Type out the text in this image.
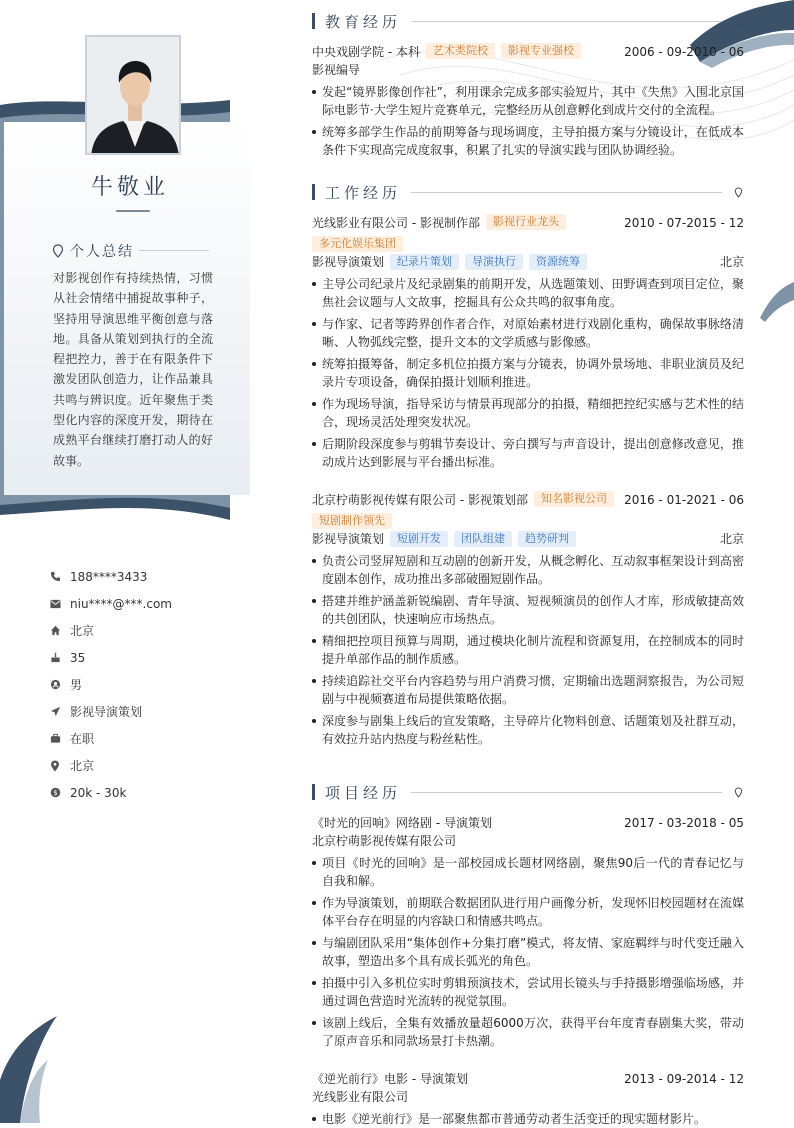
牛敬业
个人总结
对影视创作有持续热情，习惯从社会情绪中捕捉故事种子，坚持用导演思维平衡创意与落地。具备从策划到执行的全流程把控力，善于在有限条件下激发团队创造力，让作品兼具共鸣与辨识度。近年聚焦于类型化内容的深度开发，期待在成熟平台继续打磨打动人的好故事。
188****3433
niu****@***.com
北京
35
男
影视导演策划
在职
北京
$ 20k - 30k
教育经历
中央戏剧学院 - 本科	艺术类院校	影视专业强校	2006 - 09-2010 - 06
影视编导
发起“镜界影像创作社”，利用课余完成多部实验短片，其中《失焦》入围北京国际电影节·大学生短片竞赛单元，完整经历从创意孵化到成片交付的全流程。
统筹多部学生作品的前期筹备与现场调度，主导拍摄方案与分镜设计，在低成本条件下实现高完成度叙事，积累了扎实的导演实践与团队协调经验。
工作经历
光线影业有限公司 - 影视制作部	影视行业龙头	2010 - 07-2015 - 12
多元化娱乐集团
影视导演策划	纪录片策划	导演执行	资源统筹	北京
主导公司纪录片及纪录剧集的前期开发，从选题策划、田野调查到项目定位，聚焦社会议题与人文故事，挖掘具有公众共鸣的叙事角度。
与作家、记者等跨界创作者合作，对原始素材进行戏剧化重构，确保故事脉络清晰、人物弧线完整，提升文本的文学质感与影像感。
统筹拍摄筹备，制定多机位拍摄方案与分镜表，协调外景场地、非职业演员及纪录片专项设备，确保拍摄计划顺利推进。
作为现场导演，指导采访与情景再现部分的拍摄，精细把控纪实感与艺术性的结合，现场灵活处理突发状况。
后期阶段深度参与剪辑节奏设计、旁白撰写与声音设计，提出创意修改意见，推动成片达到影展与平台播出标准。
北京柠萌影视传媒有限公司 - 影视策划部	知名影视公司	2016 - 01-2021 - 06
短剧制作领先
影视导演策划	短剧开发	团队组建	趋势研判	北京
负责公司竖屏短剧和互动剧的创新开发，从概念孵化、互动叙事框架设计到高密度剧本创作，成功推出多部破圈短剧作品。
搭建并维护涵盖新锐编剧、青年导演、短视频演员的创作人才库，形成敏捷高效的共创团队，快速响应市场热点。
精细把控项目预算与周期，通过模块化制片流程和资源复用，在控制成本的同时提升单部作品的制作质感。
持续追踪社交平台内容趋势与用户消费习惯，定期输出选题洞察报告，为公司短剧与中视频赛道布局提供策略依据。
深度参与剧集上线后的宣发策略，主导碎片化物料创意、话题策划及社群互动，有效拉升站内热度与粉丝粘性。
项目经历
《时光的回响》网络剧 - 导演策划	2017 - 03-2018 - 05
北京柠萌影视传媒有限公司
项目《时光的回响》是一部校园成长题材网络剧，聚焦90后一代的青春记忆与自我和解。
作为导演策划，前期联合数据团队进行用户画像分析，发现怀旧校园题材在流媒体平台存在明显的内容缺口和情感共鸣点。
与编剧团队采用“集体创作+分集打磨”模式，将友情、家庭羁绊与时代变迁融入故事，塑造出多个具有成长弧光的角色。
拍摄中引入多机位实时剪辑预演技术，尝试用长镜头与手持摄影增强临场感，并通过调色营造时光流转的视觉氛围。
该剧上线后，全集有效播放量超6000万次，获得平台年度青春剧集大奖，带动了原声音乐和同款场景打卡热潮。
《逆光前行》电影 - 导演策划	2013 - 09-2014 - 12
光线影业有限公司
电影《逆光前行》是一部聚焦都市普通劳动者生活变迁的现实题材影片。
